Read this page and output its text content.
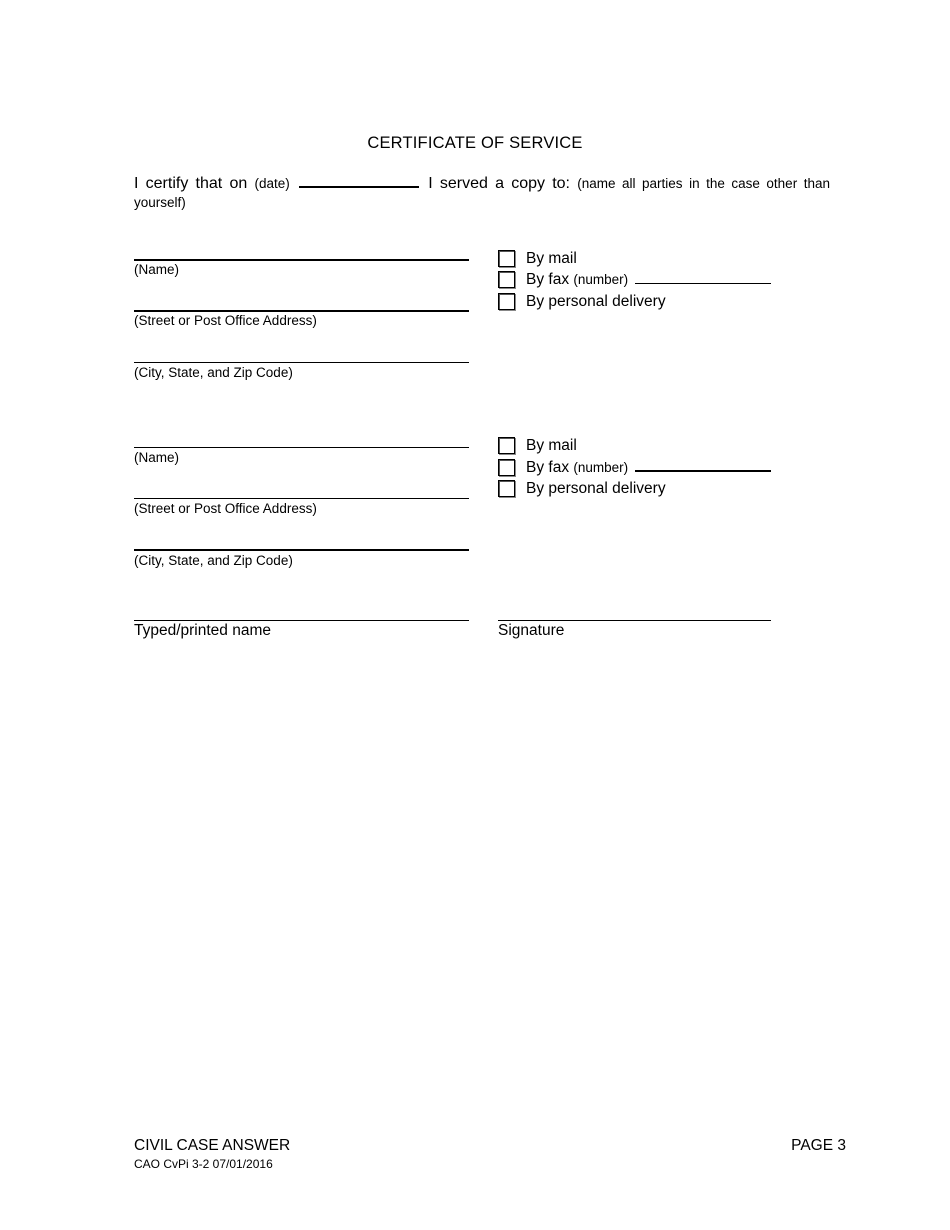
CERTIFICATE OF SERVICE
I certify that on (date)	I served a copy to: (name all parties in the case other than
yourself)
(Name)
(Street or Post Office Address)
(City, State, and Zip Code)
By mail
By fax (number)
By personal delivery
(Name)
(Street or Post Office Address)
(City, State, and Zip Code)
By mail
By fax (number)
By personal delivery
Typed/printed name	Signature
CIVIL CASE ANSWER
CAO CvPi 3-2 07/01/2016
PAGE 3
